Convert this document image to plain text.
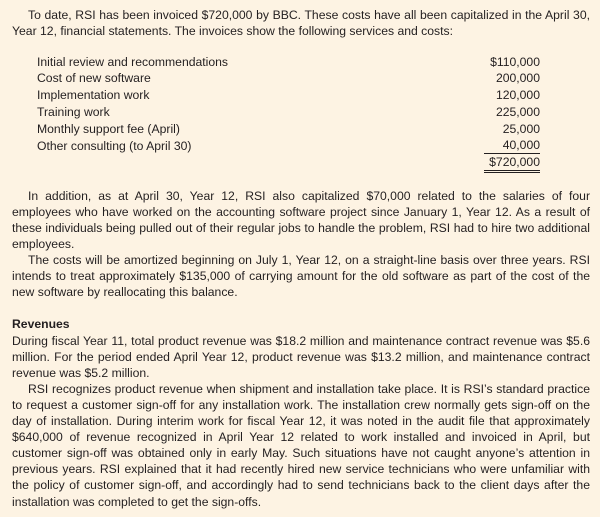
To date, RSI has been invoiced $720,000 by BBC. These costs have all been capitalized in the April 30, Year 12, financial statements. The invoices show the following services and costs:

Initial review and recommendations	$110,000
Cost of new software	200,000
Implementation work	120,000
Training work	225,000
Monthly support fee (April)	25,000
Other consulting (to April 30)	40,000
	$720,000

In addition, as at April 30, Year 12, RSI also capitalized $70,000 related to the salaries of four employees who have worked on the accounting software project since January 1, Year 12. As a result of these individuals being pulled out of their regular jobs to handle the problem, RSI had to hire two additional employees.

The costs will be amortized beginning on July 1, Year 12, on a straight-line basis over three years. RSI intends to treat approximately $135,000 of carrying amount for the old software as part of the cost of the new software by reallocating this balance.

Revenues

During fiscal Year 11, total product revenue was $18.2 million and maintenance contract revenue was $5.6 million. For the period ended April Year 12, product revenue was $13.2 million, and maintenance contract revenue was $5.2 million.

RSI recognizes product revenue when shipment and installation take place. It is RSI’s standard practice to request a customer sign-off for any installation work. The installation crew normally gets sign-off on the day of installation. During interim work for fiscal Year 12, it was noted in the audit file that approximately $640,000 of revenue recognized in April Year 12 related to work installed and invoiced in April, but customer sign-off was obtained only in early May. Such situations have not caught anyone’s attention in previous years. RSI explained that it had recently hired new service technicians who were unfamiliar with the policy of customer sign-off, and accordingly had to send technicians back to the client days after the installation was completed to get the sign-offs.
